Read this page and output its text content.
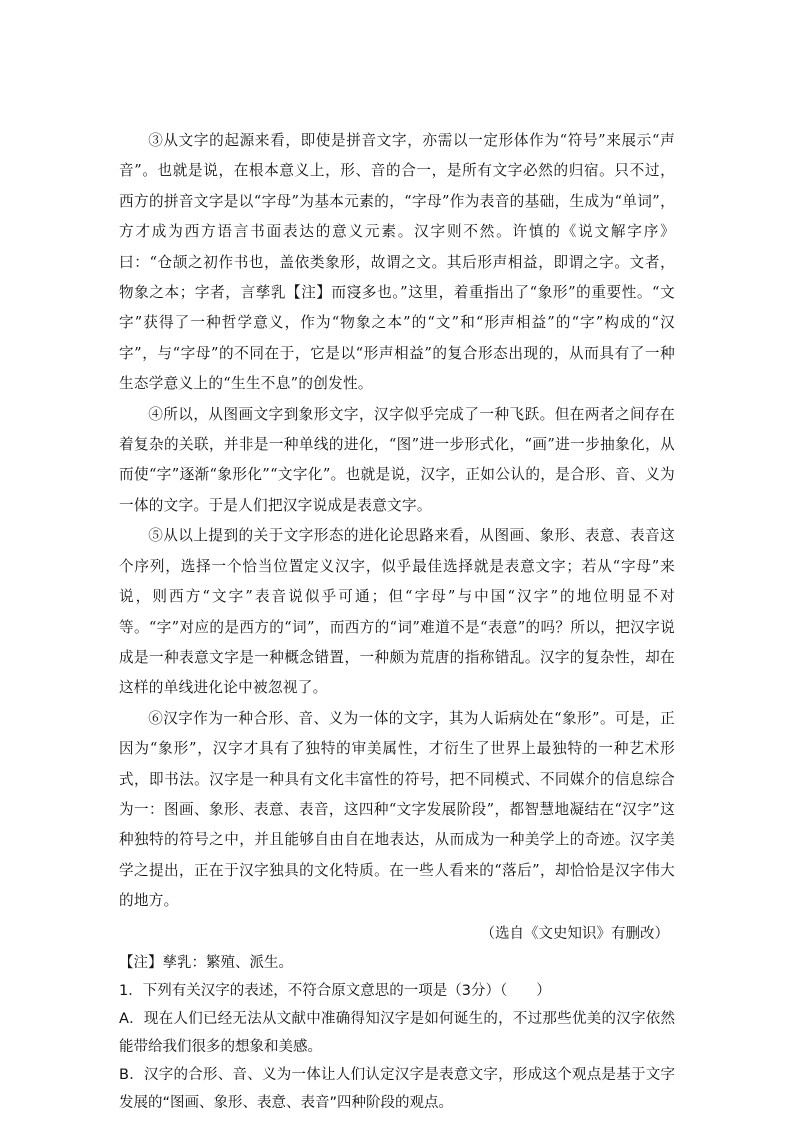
③从文字的起源来看，即使是拼音文字，亦需以一定形体作为“符号”来展示“声音”。也就是说，在根本意义上，形、音的合一，是所有文字必然的归宿。只不过，西方的拼音文字是以“字母”为基本元素的，“字母”作为表音的基础，生成为“单词”，方才成为西方语言书面表达的意义元素。汉字则不然。许慎的《说文解字序》曰：“仓颉之初作书也，盖依类象形，故谓之文。其后形声相益，即谓之字。文者，物象之本；字者，言孳乳【注】而寖多也。”这里，着重指出了“象形”的重要性。“文字”获得了一种哲学意义，作为“物象之本”的“文”和“形声相益”的“字”构成的“汉字”，与“字母”的不同在于，它是以“形声相益”的复合形态出现的，从而具有了一种生态学意义上的“生生不息”的创发性。

④所以，从图画文字到象形文字，汉字似乎完成了一种飞跃。但在两者之间存在着复杂的关联，并非是一种单线的进化，“图”进一步形式化，“画”进一步抽象化，从而使“字”逐渐“象形化”“文字化”。也就是说，汉字，正如公认的，是合形、音、义为一体的文字。于是人们把汉字说成是表意文字。

⑤从以上提到的关于文字形态的进化论思路来看，从图画、象形、表意、表音这个序列，选择一个恰当位置定义汉字，似乎最佳选择就是表意文字；若从“字母”来说，则西方“文字”表音说似乎可通；但“字母”与中国“汉字”的地位明显不对等。“字”对应的是西方的“词”，而西方的“词”难道不是“表意”的吗？所以，把汉字说成是一种表意文字是一种概念错置，一种颇为荒唐的指称错乱。汉字的复杂性，却在这样的单线进化论中被忽视了。

⑥汉字作为一种合形、音、义为一体的文字，其为人诟病处在“象形”。可是，正因为“象形”，汉字才具有了独特的审美属性，才衍生了世界上最独特的一种艺术形式，即书法。汉字是一种具有文化丰富性的符号，把不同模式、不同媒介的信息综合为一：图画、象形、表意、表音，这四种“文字发展阶段”，都智慧地凝结在“汉字”这种独特的符号之中，并且能够自由自在地表达，从而成为一种美学上的奇迹。汉字美学之提出，正在于汉字独具的文化特质。在一些人看来的“落后”，却恰恰是汉字伟大的地方。

（选自《文史知识》有删改）

【注】孳乳：繁殖、派生。

1．下列有关汉字的表述，不符合原文意思的一项是（3分）（　　）

A．现在人们已经无法从文献中准确得知汉字是如何诞生的，不过那些优美的汉字依然能带给我们很多的想象和美感。

B．汉字的合形、音、义为一体让人们认定汉字是表意文字，形成这个观点是基于文字发展的“图画、象形、表意、表音”四种阶段的观点。
